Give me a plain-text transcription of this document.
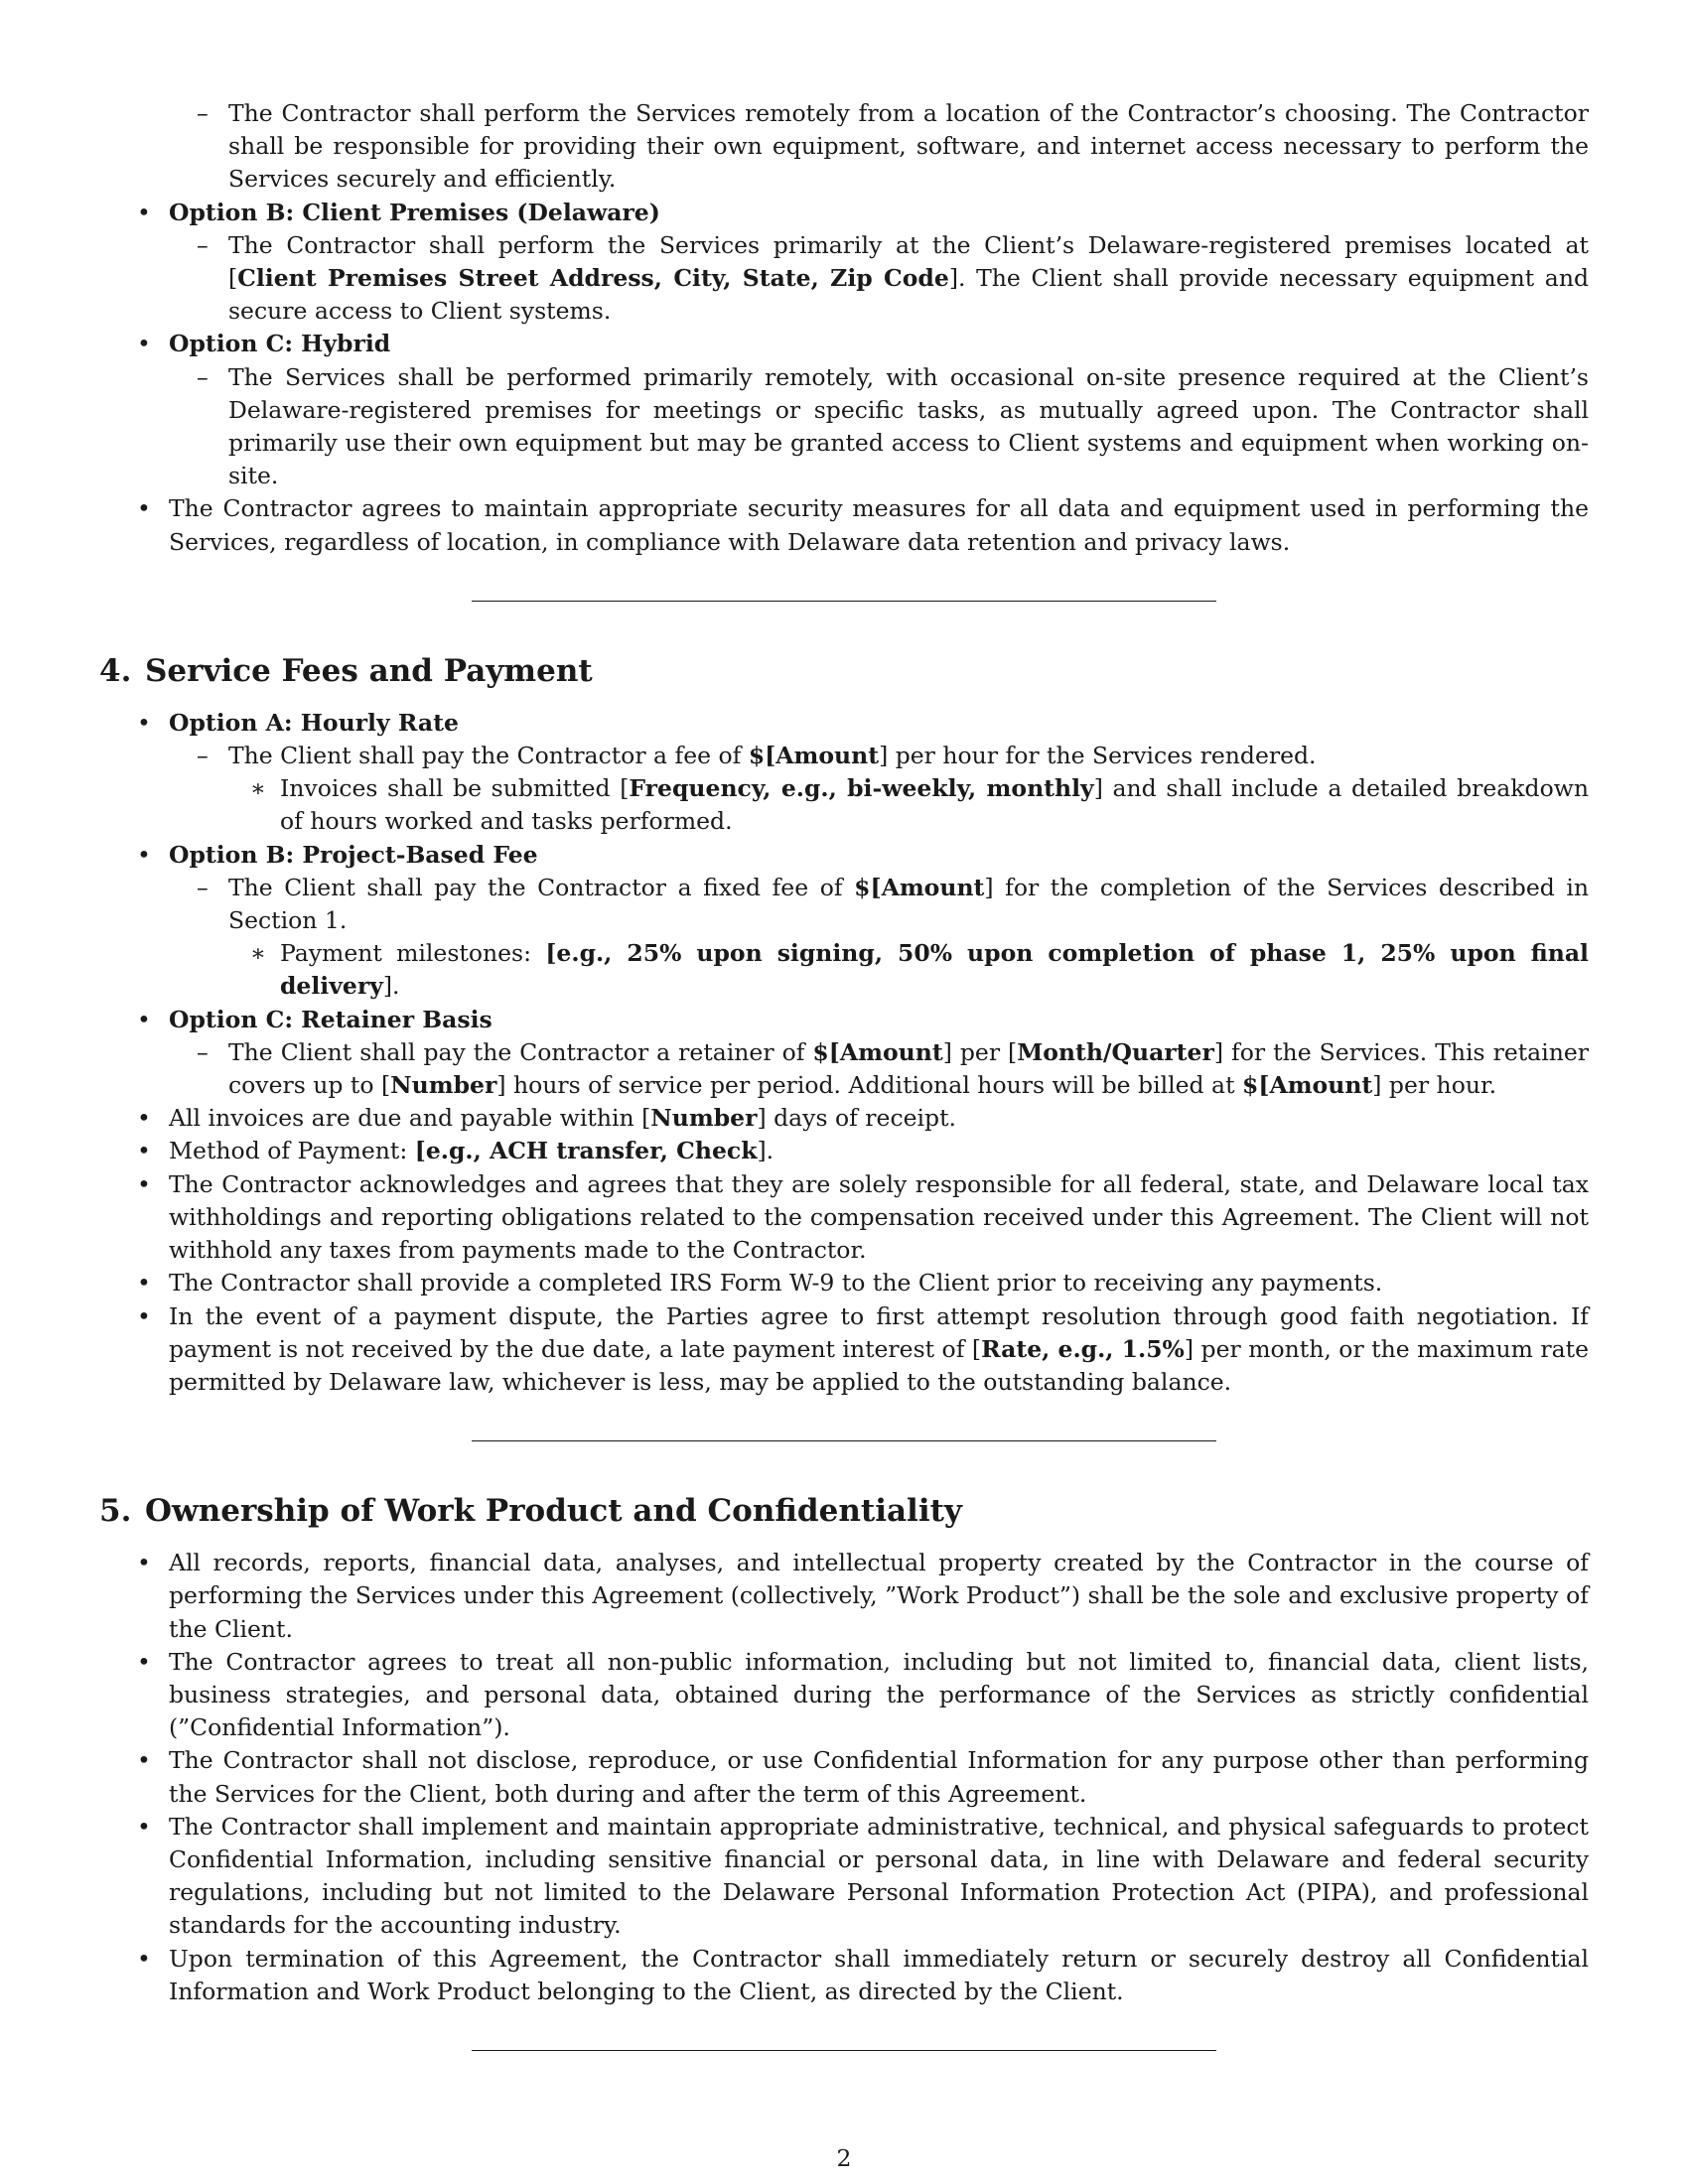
– The Contractor shall perform the Services remotely from a location of the Contractor’s choosing. The Contractor shall be responsible for providing their own equipment, software, and internet access necessary to perform the Services securely and efficiently.

• Option B: Client Premises (Delaware)

– The Contractor shall perform the Services primarily at the Client’s Delaware-registered premises located at [Client Premises Street Address, City, State, Zip Code]. The Client shall provide necessary equipment and secure access to Client systems.

• Option C: Hybrid

– The Services shall be performed primarily remotely, with occasional on-site presence required at the Client’s Delaware-registered premises for meetings or specific tasks, as mutually agreed upon. The Contractor shall primarily use their own equipment but may be granted access to Client systems and equipment when working on-site.

• The Contractor agrees to maintain appropriate security measures for all data and equipment used in performing the Services, regardless of location, in compliance with Delaware data retention and privacy laws.

4. Service Fees and Payment

• Option A: Hourly Rate

– The Client shall pay the Contractor a fee of $[Amount] per hour for the Services rendered.

∗ Invoices shall be submitted [Frequency, e.g., bi-weekly, monthly] and shall include a detailed breakdown of hours worked and tasks performed.

• Option B: Project-Based Fee

– The Client shall pay the Contractor a fixed fee of $[Amount] for the completion of the Services described in Section 1.

∗ Payment milestones: [e.g., 25% upon signing, 50% upon completion of phase 1, 25% upon final delivery].

• Option C: Retainer Basis

– The Client shall pay the Contractor a retainer of $[Amount] per [Month/Quarter] for the Services. This retainer covers up to [Number] hours of service per period. Additional hours will be billed at $[Amount] per hour.

• All invoices are due and payable within [Number] days of receipt.

• Method of Payment: [e.g., ACH transfer, Check].

• The Contractor acknowledges and agrees that they are solely responsible for all federal, state, and Delaware local tax withholdings and reporting obligations related to the compensation received under this Agreement. The Client will not withhold any taxes from payments made to the Contractor.

• The Contractor shall provide a completed IRS Form W-9 to the Client prior to receiving any payments.

• In the event of a payment dispute, the Parties agree to first attempt resolution through good faith negotiation. If payment is not received by the due date, a late payment interest of [Rate, e.g., 1.5%] per month, or the maximum rate permitted by Delaware law, whichever is less, may be applied to the outstanding balance.

5. Ownership of Work Product and Confidentiality

• All records, reports, financial data, analyses, and intellectual property created by the Contractor in the course of performing the Services under this Agreement (collectively, ”Work Product”) shall be the sole and exclusive property of the Client.

• The Contractor agrees to treat all non-public information, including but not limited to, financial data, client lists, business strategies, and personal data, obtained during the performance of the Services as strictly confidential (”Confidential Information”).

• The Contractor shall not disclose, reproduce, or use Confidential Information for any purpose other than performing the Services for the Client, both during and after the term of this Agreement.

• The Contractor shall implement and maintain appropriate administrative, technical, and physical safeguards to protect Confidential Information, including sensitive financial or personal data, in line with Delaware and federal security regulations, including but not limited to the Delaware Personal Information Protection Act (PIPA), and professional standards for the accounting industry.

• Upon termination of this Agreement, the Contractor shall immediately return or securely destroy all Confidential Information and Work Product belonging to the Client, as directed by the Client.

2
